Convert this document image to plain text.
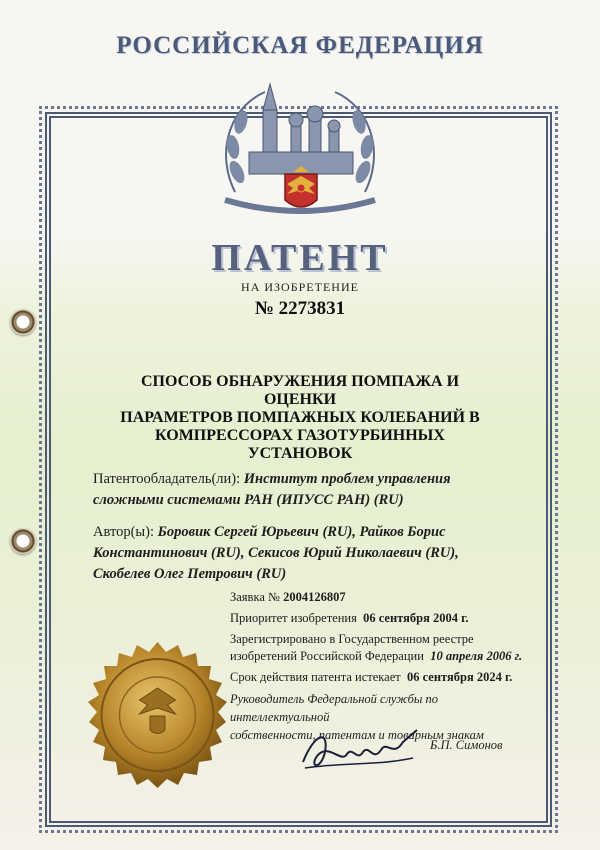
РОССИЙСКАЯ ФЕДЕРАЦИЯ
ПАТЕНТ
НА ИЗОБРЕТЕНИЕ
№ 2273831
СПОСОБ ОБНАРУЖЕНИЯ ПОМПАЖА И ОЦЕНКИ
ПАРАМЕТРОВ ПОМПАЖНЫХ КОЛЕБАНИЙ В
КОМПРЕССОРАХ ГАЗОТУРБИННЫХ УСТАНОВОК
Патентообладатель(ли): Институт проблем управления
сложными системами РАН (ИПУСС РАН) (RU)
Автор(ы): Боровик Сергей Юрьевич (RU), Райков Борис
Константинович (RU), Секисов Юрий Николаевич (RU),
Скобелев Олег Петрович (RU)
Заявка № 2004126807
Приоритет изобретения 06 сентября 2004 г.
Зарегистрировано в Государственном реестре
изобретений Российской Федерации 10 апреля 2006 г.
Срок действия патента истекает 06 сентября 2024 г.
Руководитель Федеральной службы по интеллектуальной
собственности, патентам и товарным знакам
Б.П. Симонов
